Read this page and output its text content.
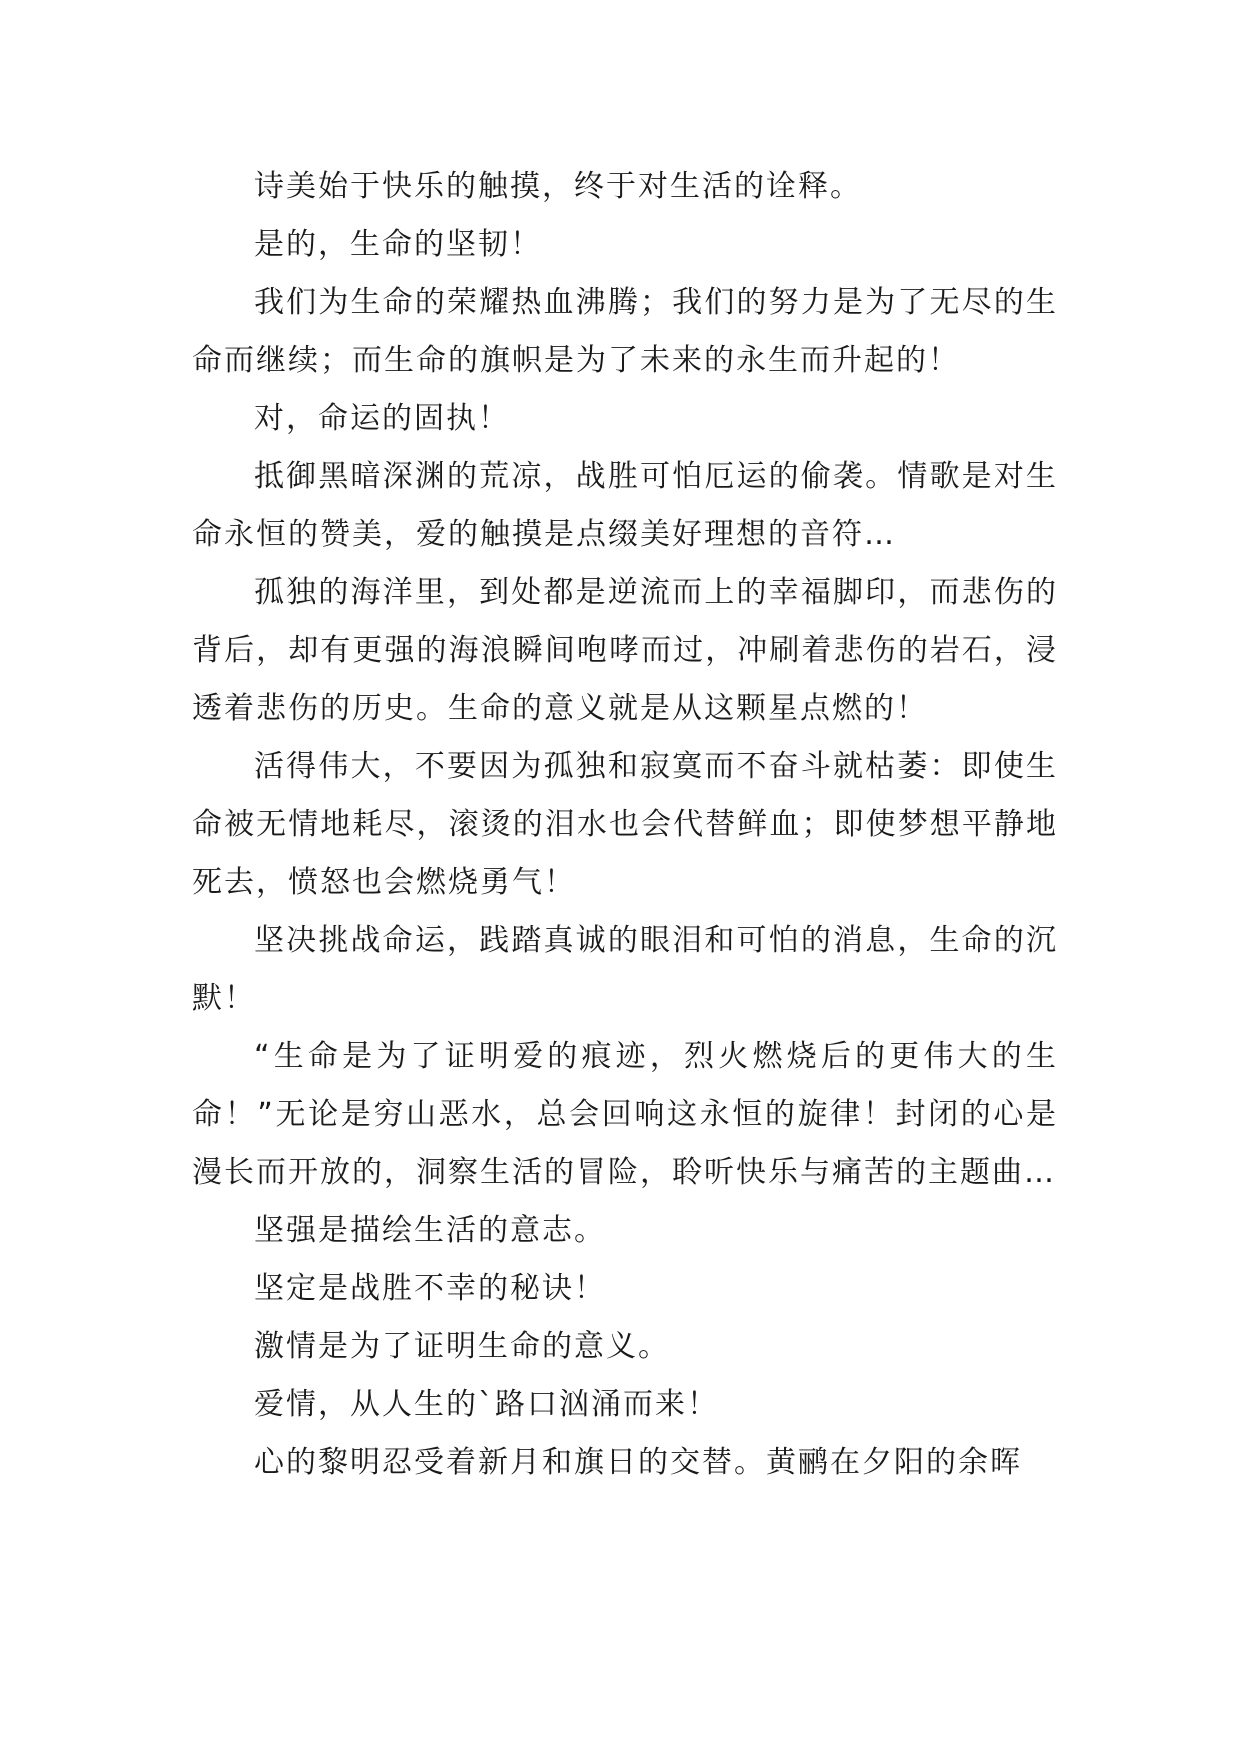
诗美始于快乐的触摸，终于对生活的诠释。

是的，生命的坚韧！

我们为生命的荣耀热血沸腾；我们的努力是为了无尽的生命而继续；而生命的旗帜是为了未来的永生而升起的！

对，命运的固执！

抵御黑暗深渊的荒凉，战胜可怕厄运的偷袭。情歌是对生命永恒的赞美，爱的触摸是点缀美好理想的音符…

孤独的海洋里，到处都是逆流而上的幸福脚印，而悲伤的背后，却有更强的海浪瞬间咆哮而过，冲刷着悲伤的岩石，浸透着悲伤的历史。生命的意义就是从这颗星点燃的！

活得伟大，不要因为孤独和寂寞而不奋斗就枯萎：即使生命被无情地耗尽，滚烫的泪水也会代替鲜血；即使梦想平静地死去，愤怒也会燃烧勇气！

坚决挑战命运，践踏真诚的眼泪和可怕的消息，生命的沉默！

“生命是为了证明爱的痕迹，烈火燃烧后的更伟大的生命！”无论是穷山恶水，总会回响这永恒的旋律！封闭的心是漫长而开放的，洞察生活的冒险，聆听快乐与痛苦的主题曲…

坚强是描绘生活的意志。

坚定是战胜不幸的秘诀！

激情是为了证明生命的意义。

爱情，从人生的`路口汹涌而来！

心的黎明忍受着新月和旗日的交替。黄鹂在夕阳的余晖
